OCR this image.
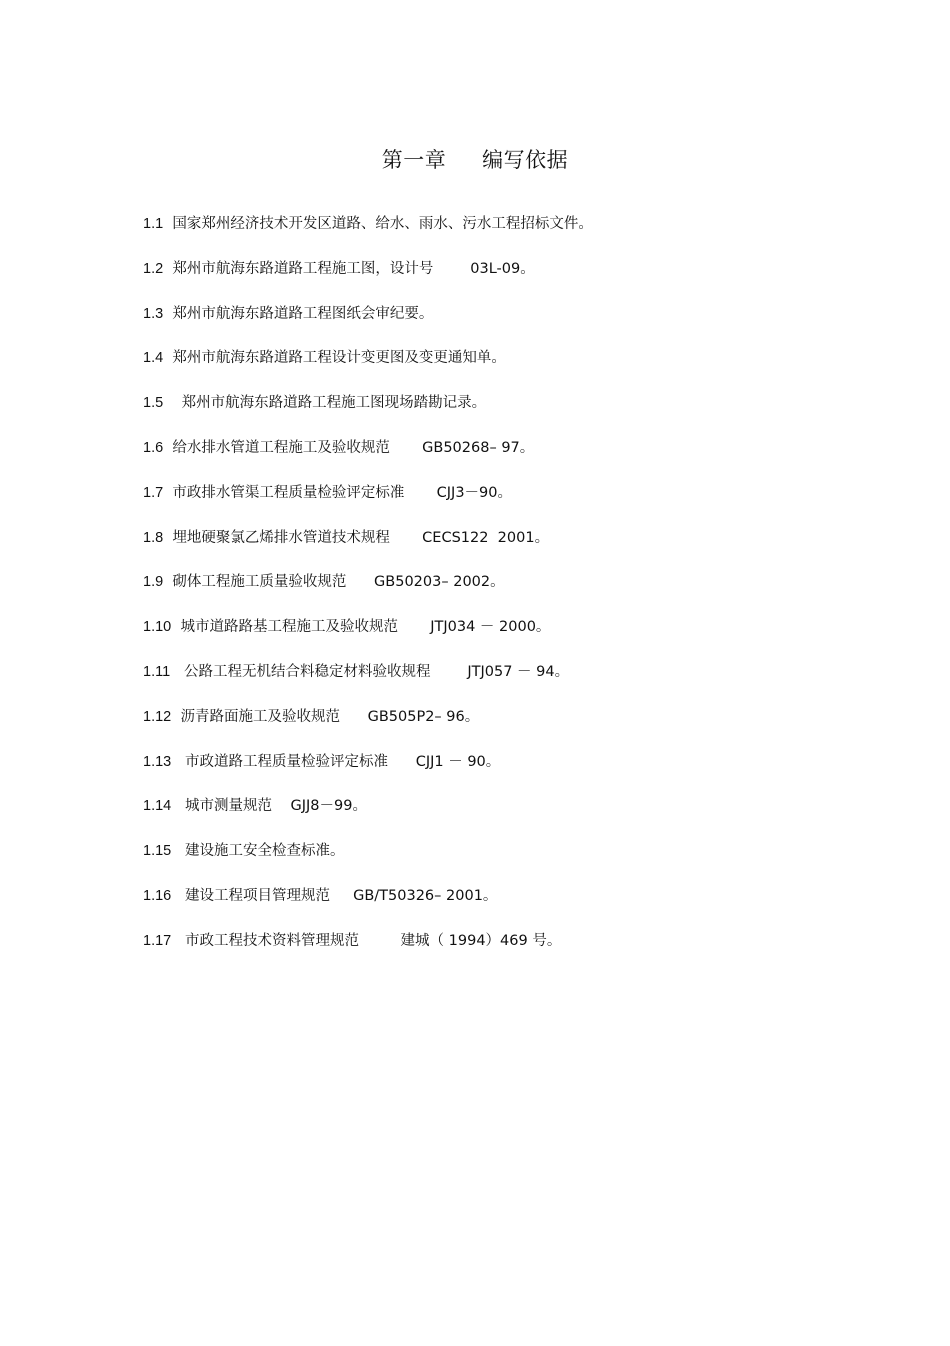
第一章     编写依据
1.1  国家郑州经济技术开发区道路、给水、雨水、污水工程招标文件。
1.2  郑州市航海东路道路工程施工图，设计号        03L-09。
1.3  郑州市航海东路道路工程图纸会审纪要。
1.4  郑州市航海东路道路工程设计变更图及变更通知单。
1.5    郑州市航海东路道路工程施工图现场踏勘记录。
1.6  给水排水管道工程施工及验收规范       GB50268– 97。
1.7  市政排水管渠工程质量检验评定标准       CJJ3－90。
1.8  埋地硬聚氯乙烯排水管道技术规程       CECS122  2001。
1.9  砌体工程施工质量验收规范      GB50203– 2002。
1.10  城市道路路基工程施工及验收规范       JTJ034 － 2000。
1.11   公路工程无机结合料稳定材料验收规程        JTJ057 － 94。
1.12  沥青路面施工及验收规范      GB505P2– 96。
1.13   市政道路工程质量检验评定标准      CJJ1 － 90。
1.14   城市测量规范    GJJ8－99。
1.15   建设施工安全检查标准。
1.16   建设工程项目管理规范     GB/T50326– 2001。
1.17   市政工程技术资料管理规范         建城（ 1994）469 号。
